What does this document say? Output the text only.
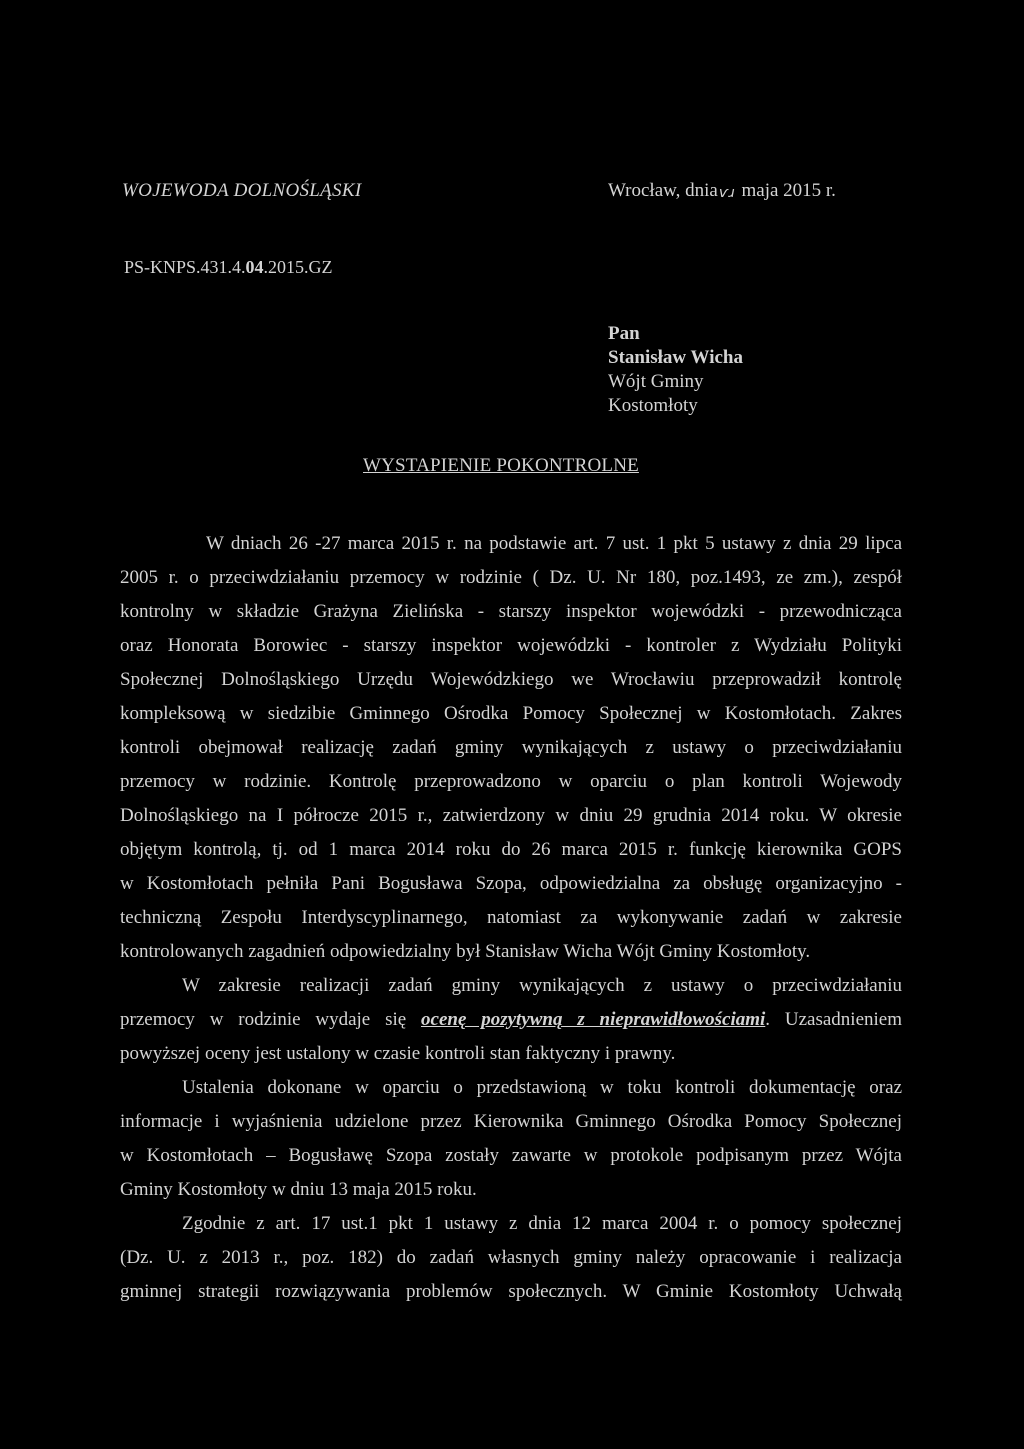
WOJEWODA DOLNOŚLĄSKI	Wrocław, dniaѵɹ maja 2015 r.
PS-KNPS.431.4.04.2015.GZ
Pan
Stanisław Wicha
Wójt Gminy
Kostomłoty
WYSTAPIENIE POKONTROLNE
W dniach 26 -27 marca 2015 r. na podstawie art. 7 ust. 1 pkt 5 ustawy z dnia 29 lipca
2005 r. o przeciwdziałaniu przemocy w rodzinie ( Dz. U. Nr 180, poz.1493, ze zm.), zespół
kontrolny w składzie Grażyna Zielińska - starszy inspektor wojewódzki - przewodnicząca
oraz Honorata Borowiec - starszy inspektor wojewódzki - kontroler z Wydziału Polityki
Społecznej Dolnośląskiego Urzędu Wojewódzkiego we Wrocławiu przeprowadził kontrolę
kompleksową w siedzibie Gminnego Ośrodka Pomocy Społecznej w Kostomłotach. Zakres
kontroli obejmował realizację zadań gminy wynikających z ustawy o przeciwdziałaniu
przemocy w rodzinie. Kontrolę przeprowadzono w oparciu o plan kontroli Wojewody
Dolnośląskiego na I półrocze 2015 r., zatwierdzony w dniu 29 grudnia 2014 roku. W okresie
objętym kontrolą, tj. od 1 marca 2014 roku do 26 marca 2015 r. funkcję kierownika GOPS
w Kostomłotach pełniła Pani Bogusława Szopa, odpowiedzialna za obsługę organizacyjno -
techniczną Zespołu Interdyscyplinarnego, natomiast za wykonywanie zadań w zakresie
kontrolowanych zagadnień odpowiedzialny był Stanisław Wicha Wójt Gminy Kostomłoty.
W zakresie realizacji zadań gminy wynikających z ustawy o przeciwdziałaniu
przemocy w rodzinie wydaje się ocenę pozytywną z nieprawidłowościami. Uzasadnieniem
powyższej oceny jest ustalony w czasie kontroli stan faktyczny i prawny.
Ustalenia dokonane w oparciu o przedstawioną w toku kontroli dokumentację oraz
informacje i wyjaśnienia udzielone przez Kierownika Gminnego Ośrodka Pomocy Społecznej
w Kostomłotach – Bogusławę Szopa zostały zawarte w protokole podpisanym przez Wójta
Gminy Kostomłoty w dniu 13 maja 2015 roku.
Zgodnie z art. 17 ust.1 pkt 1 ustawy z dnia 12 marca 2004 r. o pomocy społecznej
(Dz. U. z 2013 r., poz. 182) do zadań własnych gminy należy opracowanie i realizacja
gminnej strategii rozwiązywania problemów społecznych. W Gminie Kostomłoty Uchwałą
